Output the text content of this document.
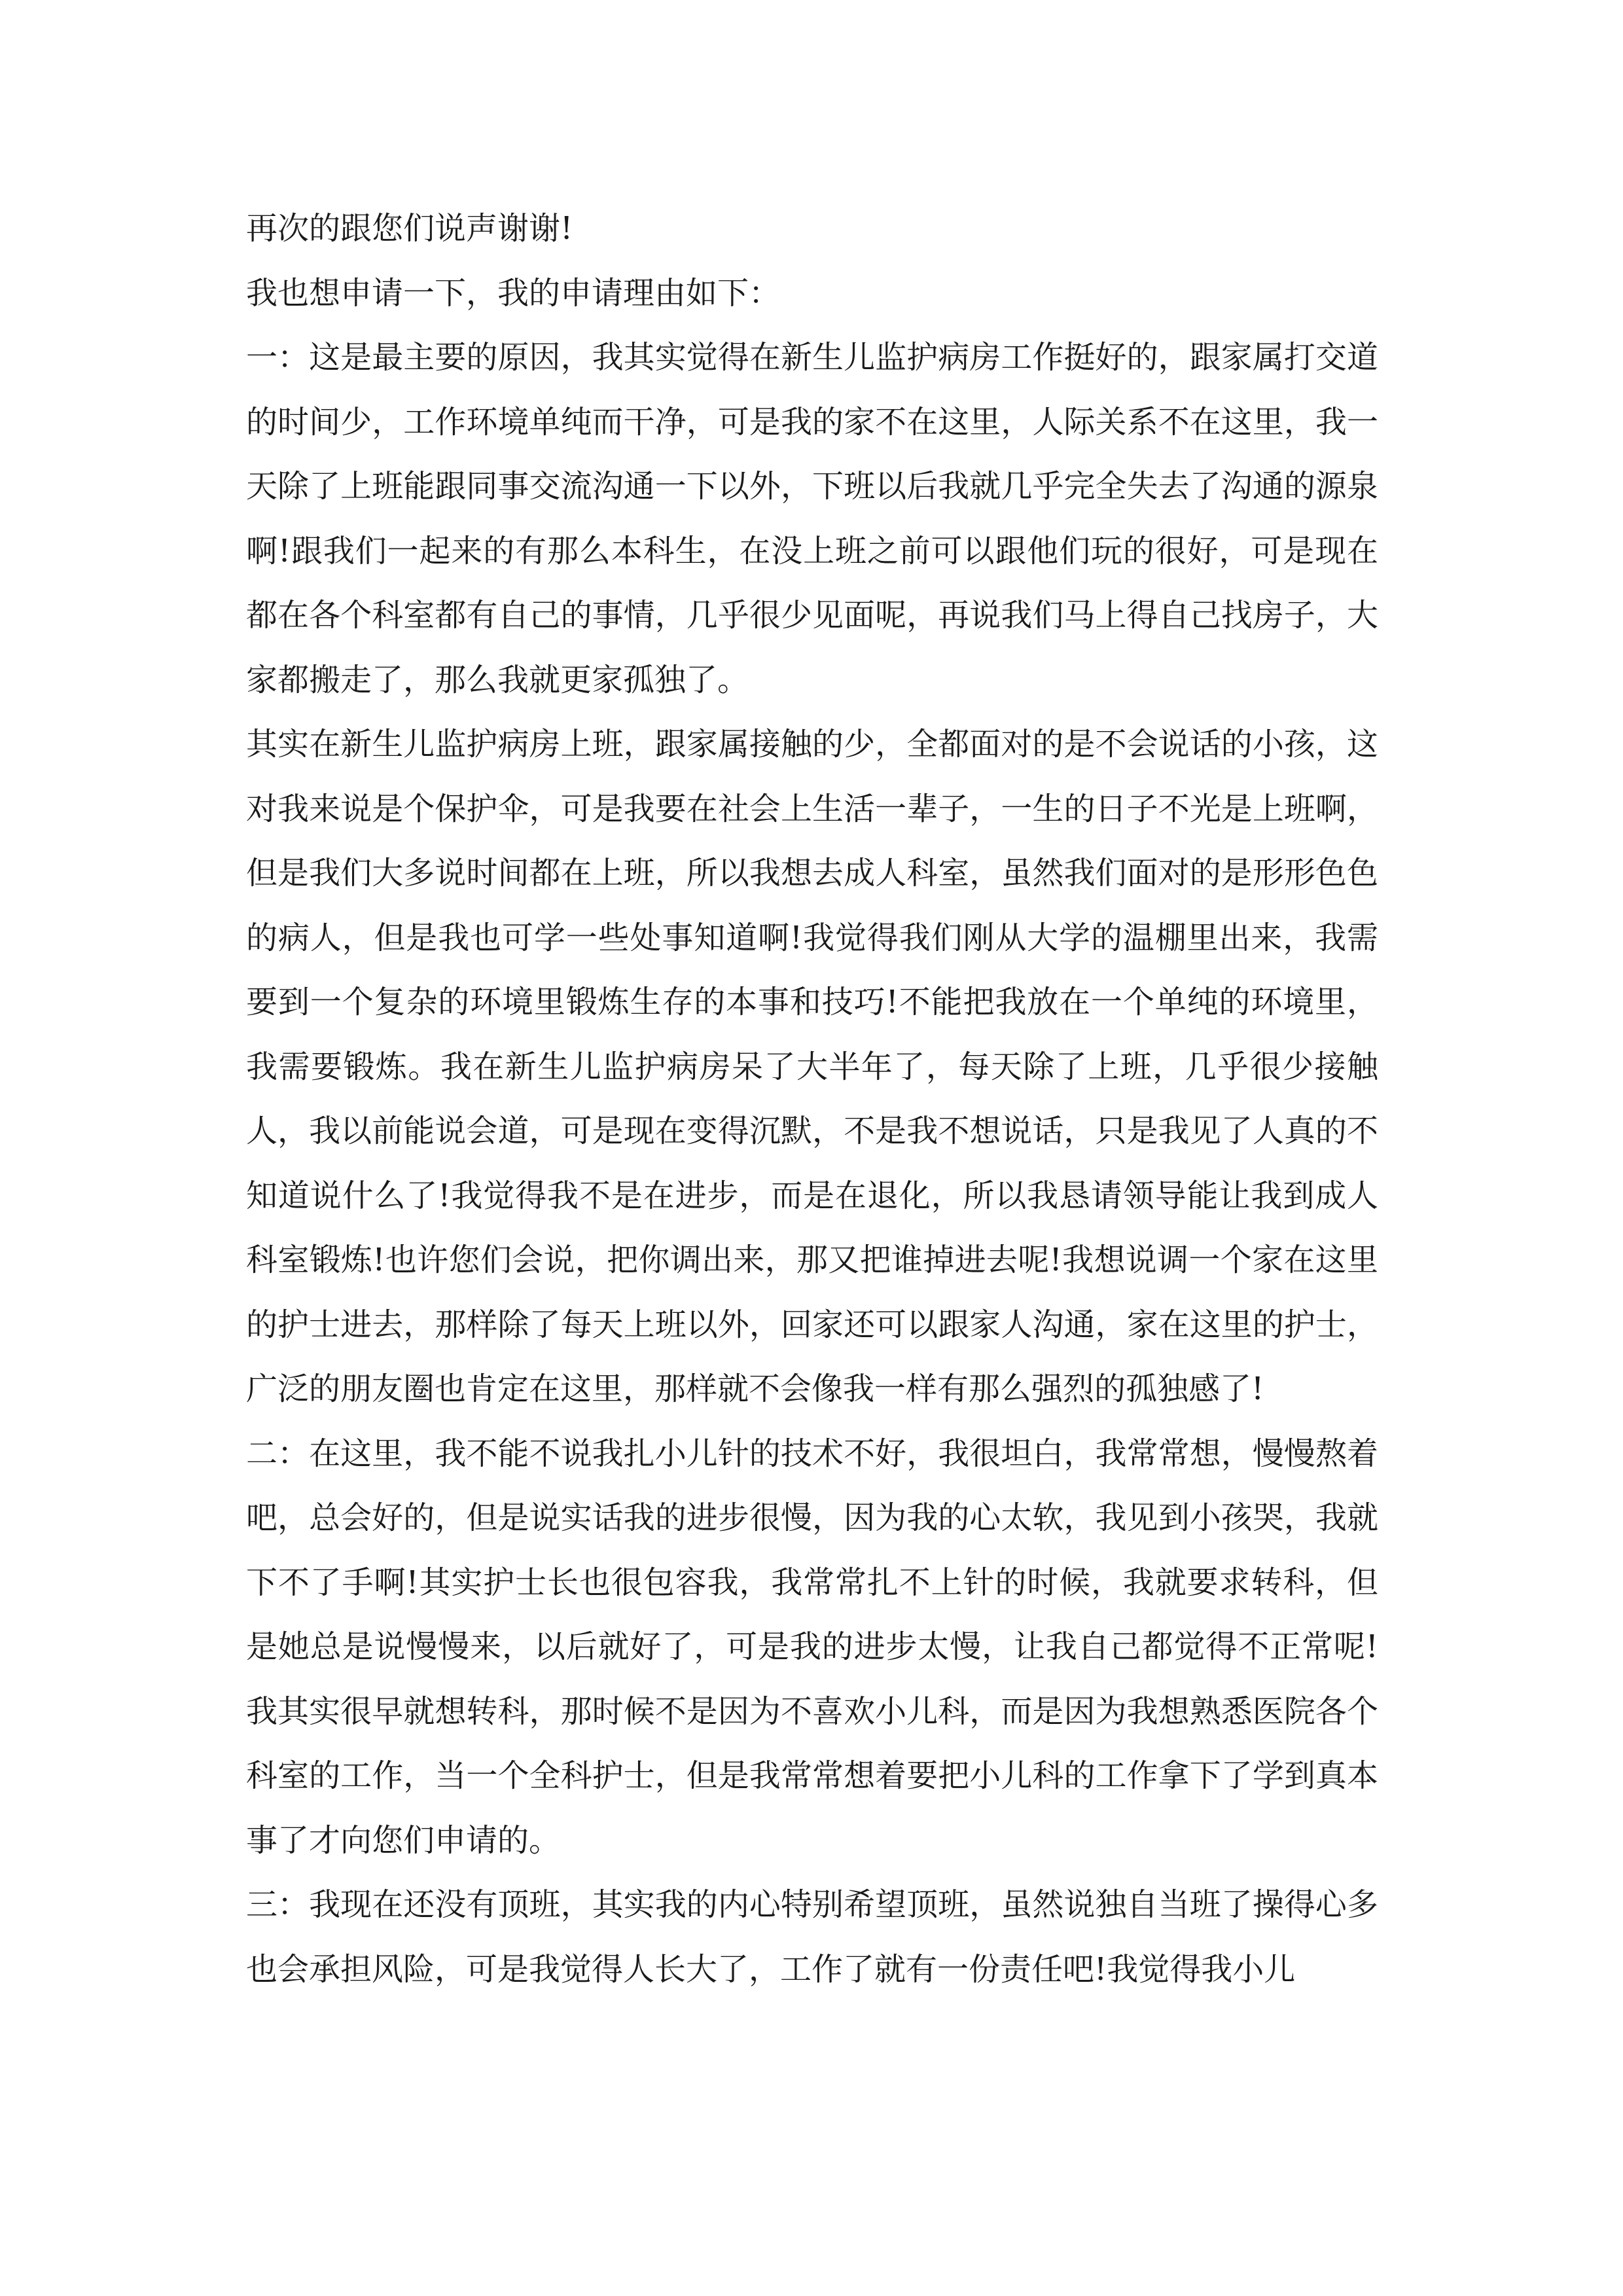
再次的跟您们说声谢谢!

我也想申请一下，我的申请理由如下：

一：这是最主要的原因，我其实觉得在新生儿监护病房工作挺好的，跟家属打交道的时间少，工作环境单纯而干净，可是我的家不在这里，人际关系不在这里，我一天除了上班能跟同事交流沟通一下以外，下班以后我就几乎完全失去了沟通的源泉啊!跟我们一起来的有那么本科生，在没上班之前可以跟他们玩的很好，可是现在都在各个科室都有自己的事情，几乎很少见面呢，再说我们马上得自己找房子，大家都搬走了，那么我就更家孤独了。

其实在新生儿监护病房上班，跟家属接触的少，全都面对的是不会说话的小孩，这对我来说是个保护伞，可是我要在社会上生活一辈子，一生的日子不光是上班啊，但是我们大多说时间都在上班，所以我想去成人科室，虽然我们面对的是形形色色的病人，但是我也可学一些处事知道啊!我觉得我们刚从大学的温棚里出来，我需要到一个复杂的环境里锻炼生存的本事和技巧!不能把我放在一个单纯的环境里，我需要锻炼。我在新生儿监护病房呆了大半年了，每天除了上班，几乎很少接触人，我以前能说会道，可是现在变得沉默，不是我不想说话，只是我见了人真的不知道说什么了!我觉得我不是在进步，而是在退化，所以我恳请领导能让我到成人科室锻炼!也许您们会说，把你调出来，那又把谁掉进去呢!我想说调一个家在这里的护士进去，那样除了每天上班以外，回家还可以跟家人沟通，家在这里的护士，广泛的朋友圈也肯定在这里，那样就不会像我一样有那么强烈的孤独感了!

二：在这里，我不能不说我扎小儿针的技术不好，我很坦白，我常常想，慢慢熬着吧，总会好的，但是说实话我的进步很慢，因为我的心太软，我见到小孩哭，我就下不了手啊!其实护士长也很包容我，我常常扎不上针的时候，我就要求转科，但是她总是说慢慢来，以后就好了，可是我的进步太慢，让我自己都觉得不正常呢!我其实很早就想转科，那时候不是因为不喜欢小儿科，而是因为我想熟悉医院各个科室的工作，当一个全科护士，但是我常常想着要把小儿科的工作拿下了学到真本事了才向您们申请的。

三：我现在还没有顶班，其实我的内心特别希望顶班，虽然说独自当班了操得心多也会承担风险，可是我觉得人长大了，工作了就有一份责任吧!我觉得我小儿
